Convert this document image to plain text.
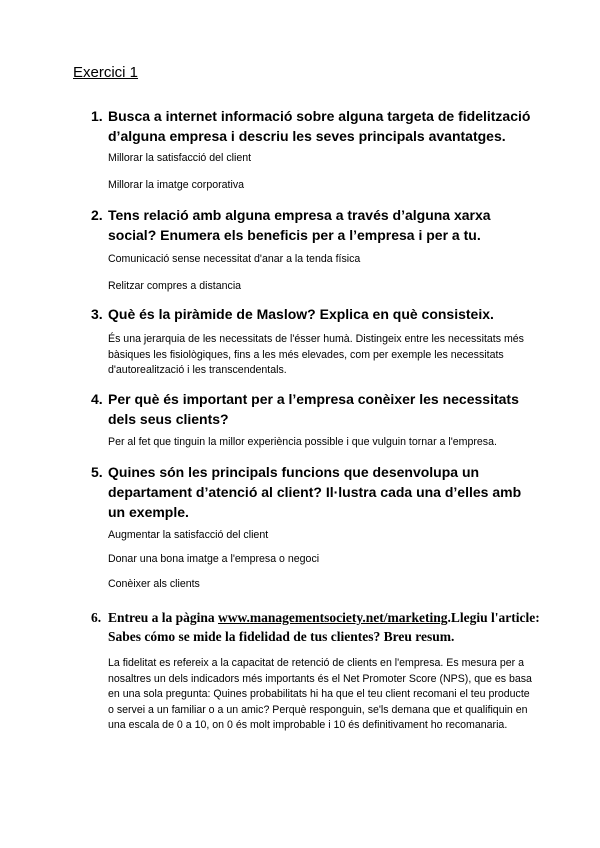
Exercici 1
1. Busca a internet informació sobre alguna targeta de fidelització d’alguna empresa i descriu les seves principals avantatges.

Millorar la satisfacció del client

Millorar la imatge corporativa

2. Tens relació amb alguna empresa a través d’alguna xarxa social? Enumera els beneficis per a l’empresa i per a tu.

Comunicació sense necessitat d'anar a la tenda física

Relitzar compres a distancia

3. Què és la piràmide de Maslow? Explica en què consisteix.

És una jerarquia de les necessitats de l'ésser humà. Distingeix entre les necessitats més bàsiques les fisiològiques, fins a les més elevades, com per exemple les necessitats d'autorealització i les transcendentals.

4. Per què és important per a l’empresa conèixer les necessitats dels seus clients?

Per al fet que tinguin la millor experiència possible i que vulguin tornar a l'empresa.

5. Quines són les principals funcions que desenvolupa un departament d’atenció al client? Il·lustra cada una d’elles amb un exemple.

Augmentar la satisfacció del client

Donar una bona imatge a l'empresa o negoci

Conèixer als clients

6. Entreu a la pàgina www.managementsociety.net/marketing.Llegiu l'article: Sabes cómo se mide la fidelidad de tus clientes? Breu resum.

La fidelitat es refereix a la capacitat de retenció de clients en l'empresa. Es mesura per a nosaltres un dels indicadors més importants és el Net Promoter Score (NPS), que es basa en una sola pregunta: Quines probabilitats hi ha que el teu client recomani el teu producte o servei a un familiar o a un amic? Perquè responguin, se'ls demana que et qualifiquin en una escala de 0 a 10, on 0 és molt improbable i 10 és definitivament ho recomanaria.
